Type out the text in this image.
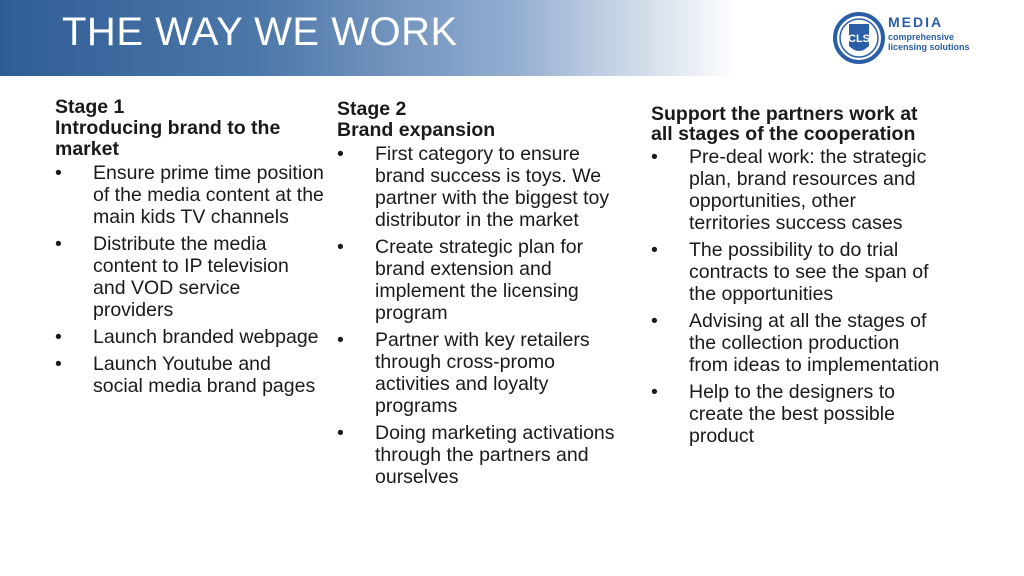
THE WAY WE WORK	CLS
MEDIA
comprehensive
licensing solutions
Stage 1
Introducing brand to the market
•	Ensure prime time position of the media content at the main kids TV channels
•	Distribute the media content to IP television and VOD service providers
•	Launch branded webpage
•	Launch Youtube and social media brand pages
Stage 2
Brand expansion
•	First category to ensure brand success is toys. We partner with the biggest toy distributor in the market
•	Create strategic plan for brand extension and implement the licensing program
•	Partner with key retailers through cross-promo activities and loyalty programs
•	Doing marketing activations through the partners and ourselves
Support the partners work at all stages of the cooperation
•	Pre-deal work: the strategic plan, brand resources and opportunities, other territories success cases
•	The possibility to do trial contracts to see the span of the opportunities
•	Advising at all the stages of the collection production from ideas to implementation
•	Help to the designers to create the best possible product
